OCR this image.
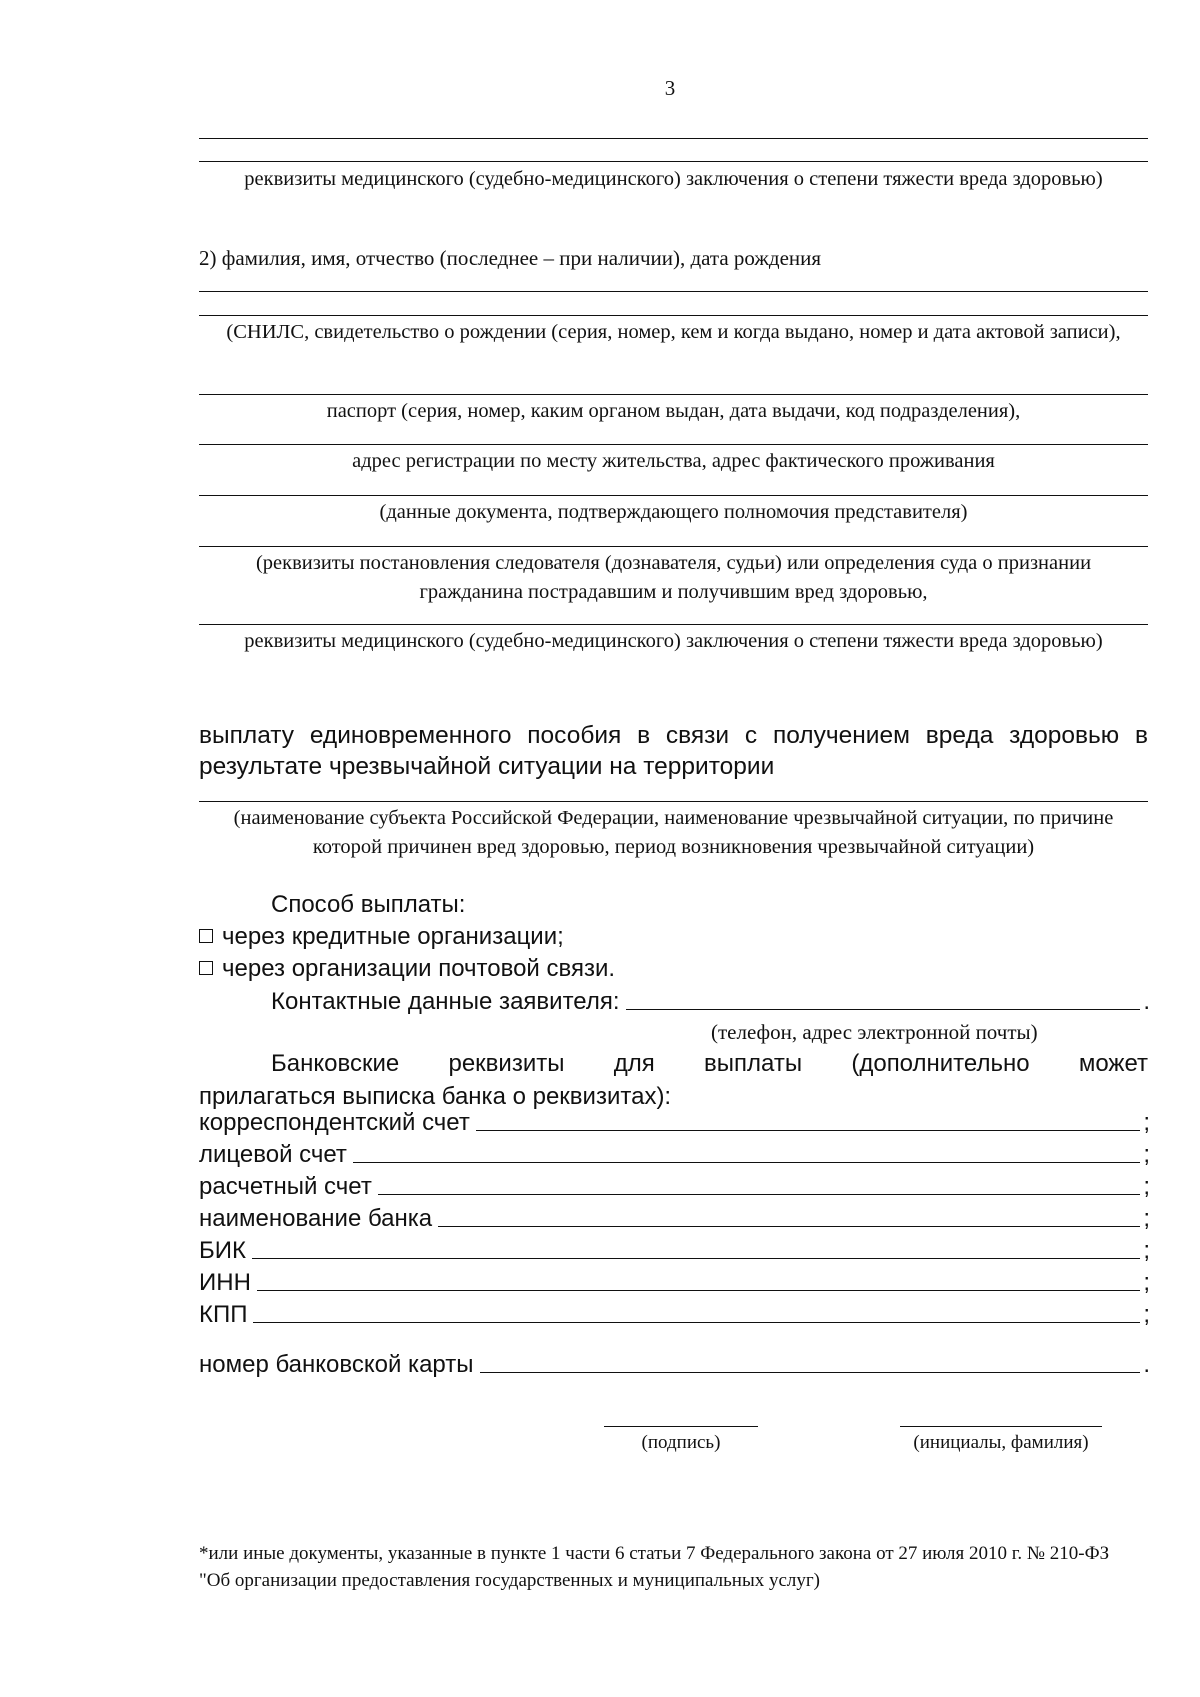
3
реквизиты медицинского (судебно-медицинского) заключения о степени тяжести вреда здоровью)
2) фамилия, имя, отчество (последнее – при наличии), дата рождения
(СНИЛС, свидетельство о рождении (серия, номер, кем и когда выдано, номер и дата актовой записи),
паспорт (серия, номер, каким органом выдан, дата выдачи, код подразделения),
адрес регистрации по месту жительства, адрес фактического проживания
(данные документа, подтверждающего полномочия представителя)
(реквизиты постановления следователя (дознавателя, судьи) или определения суда о признании гражданина пострадавшим и получившим вред здоровью,
реквизиты медицинского (судебно-медицинского) заключения о степени тяжести вреда здоровью)
выплату единовременного пособия в связи с получением вреда здоровью в результате чрезвычайной ситуации на территории
(наименование субъекта Российской Федерации, наименование чрезвычайной ситуации, по причине которой причинен вред здоровью, период возникновения чрезвычайной ситуации)
Способ выплаты:
через кредитные организации;
через организации почтовой связи.
Контактные данные заявителя:	.
(телефон, адрес электронной почты)
Банковские реквизиты для выплаты (дополнительно может
прилагаться выписка банка о реквизитах):
корреспондентский счет	;
лицевой счет	;
расчетный счет	;
наименование банка	;
БИК	;
ИНН	;
КПП	;
номер банковской карты	.
(подпись)	(инициалы, фамилия)
*или иные документы, указанные в пункте 1 части 6 статьи 7 Федерального закона от 27 июля 2010 г. № 210-ФЗ "Об организации предоставления государственных и муниципальных услуг)
